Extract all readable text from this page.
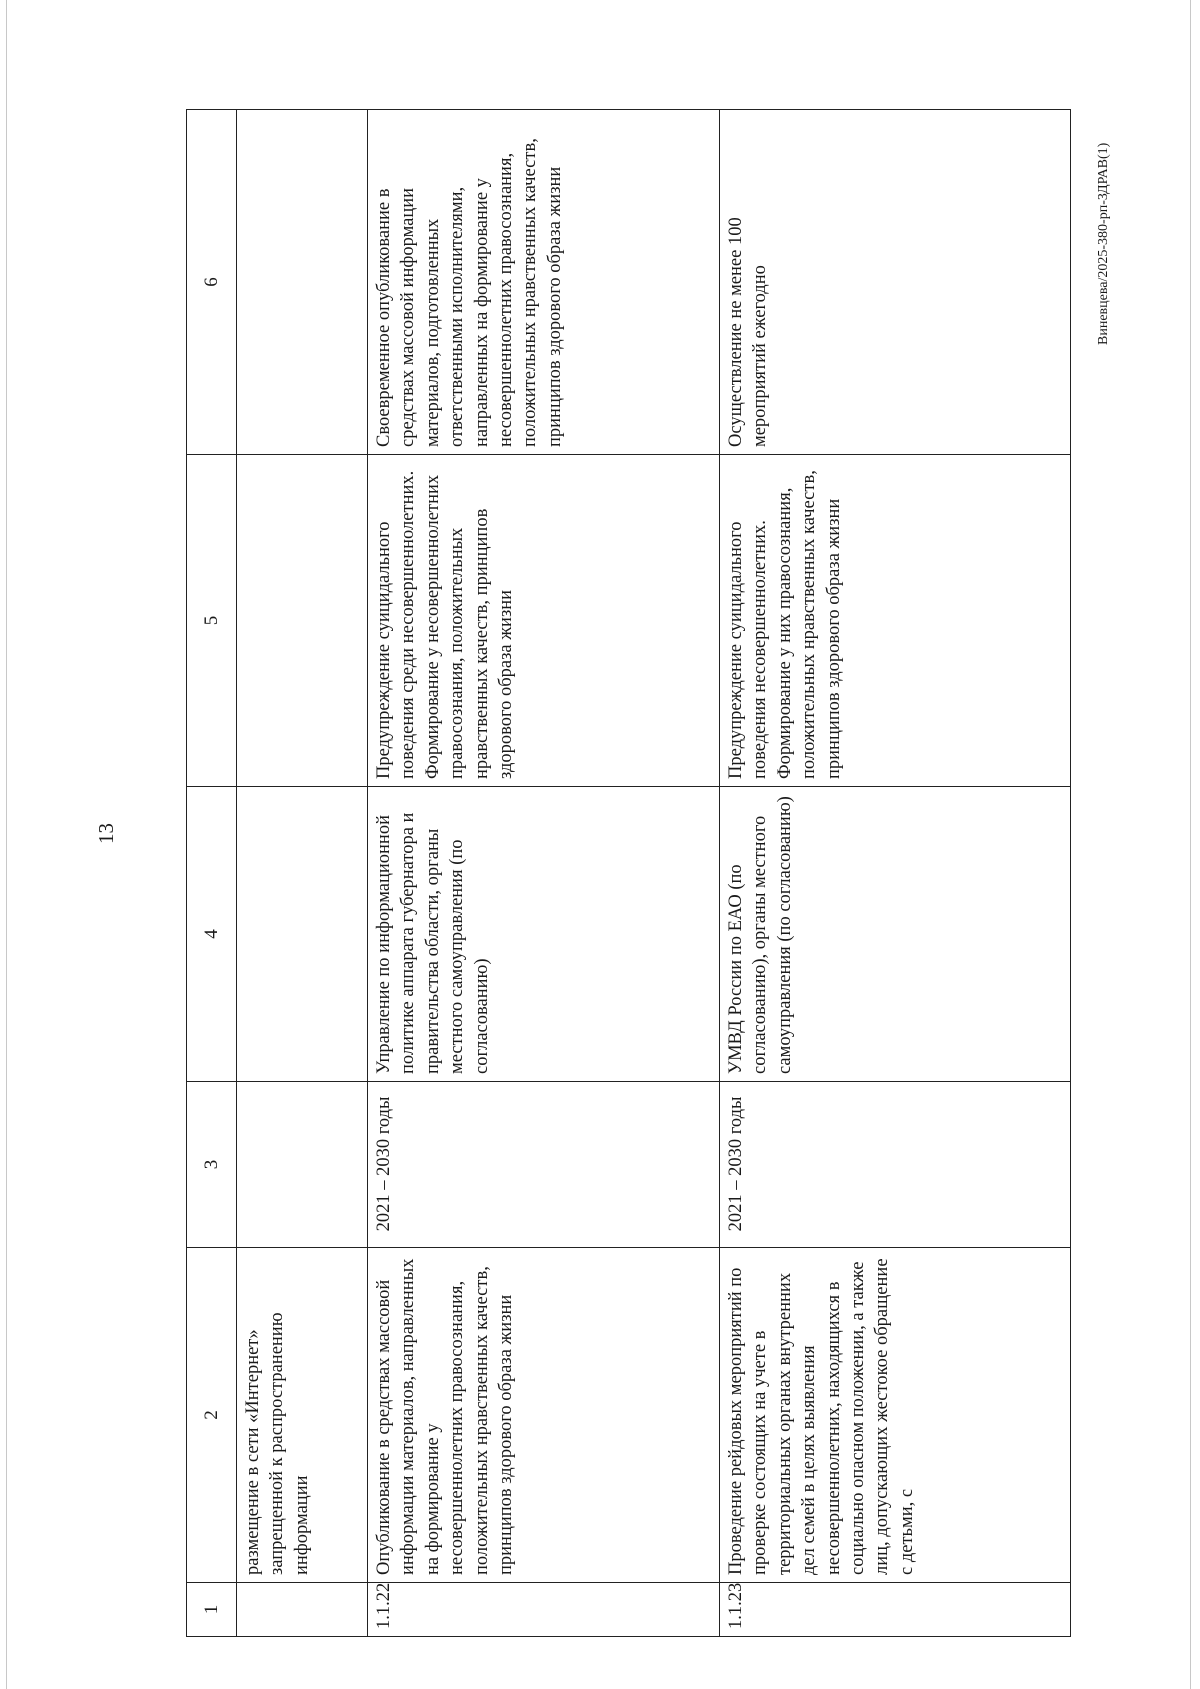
13
Виневцева/2025-380-рп-ЗДРАВ(1)
1	2	3	4	5	6
	размещение в сети «Интернет» запрещенной к распространению информации				
1.1.22	Опубликование в средствах массовой информации материалов, направленных на формирование у несовершеннолетних правосознания, положительных нравственных качеств, принципов здорового образа жизни	2021 – 2030 годы	Управление по информационной политике аппарата губернатора и правительства области, органы местного самоуправления (по согласованию)	Предупреждение суицидального поведения среди несовершеннолетних. Формирование у несовершеннолетних правосознания, положительных нравственных качеств, принципов здорового образа жизни	Своевременное опубликование в средствах массовой информации материалов, подготовленных ответственными исполнителями, направленных на формирование у несовершеннолетних правосознания, положительных нравственных качеств, принципов здорового образа жизни
1.1.23	Проведение рейдовых мероприятий по проверке состоящих на учете в территориальных органах внутренних дел семей в целях выявления несовершеннолетних, находящихся в социально опасном положении, а также лиц, допускающих жестокое обращение с детьми, с	2021 – 2030 годы	УМВД России по ЕАО (по согласованию), органы местного самоуправления (по согласованию)	Предупреждение суицидального поведения несовершеннолетних. Формирование у них правосознания, положительных нравственных качеств, принципов здорового образа жизни	Осуществление не менее 100 мероприятий ежегодно
